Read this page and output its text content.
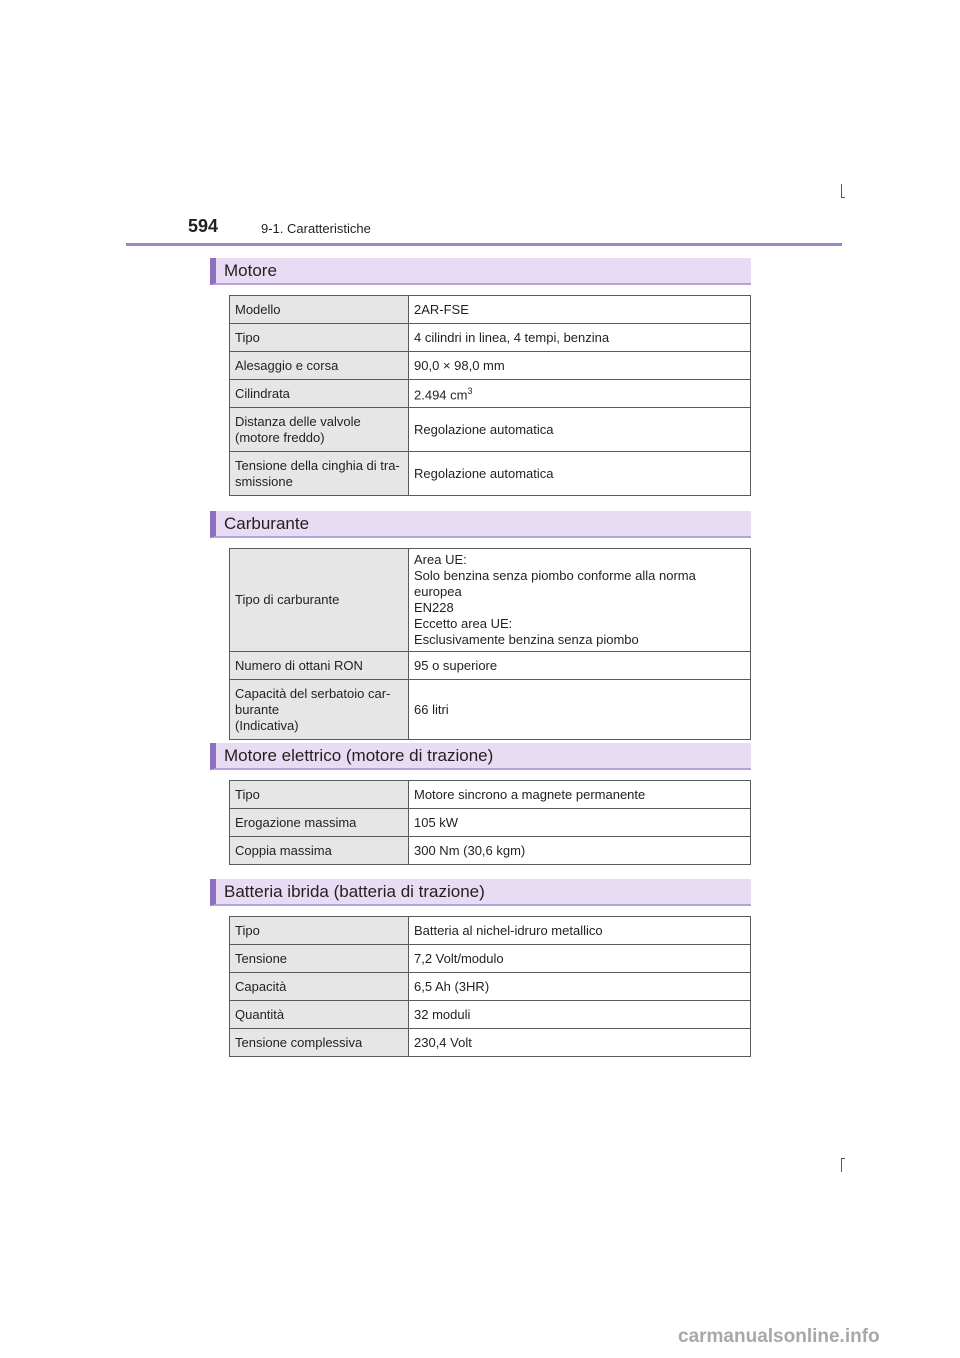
594	9-1. Caratteristiche
Motore
Modello	2AR-FSE
Tipo	4 cilindri in linea, 4 tempi, benzina
Alesaggio e corsa	90,0 × 98,0 mm
Cilindrata	2.494 $cm^3$
Distanza delle valvole
(motore freddo)	Regolazione automatica
Tensione della cinghia di tra-
smissione	Regolazione automatica
Carburante
Tipo di carburante	Area UE:
Solo benzina senza piombo conforme alla norma europea
EN228
Eccetto area UE:
Esclusivamente benzina senza piombo
Numero di ottani RON	95 o superiore
Capacità del serbatoio car-
burante
(Indicativa)	66 litri
Motore elettrico (motore di trazione)
Tipo	Motore sincrono a magnete permanente
Erogazione massima	105 kW
Coppia massima	300 Nm (30,6 kgm)
Batteria ibrida (batteria di trazione)
Tipo	Batteria al nichel-idruro metallico
Tensione	7,2 Volt/modulo
Capacità	6,5 Ah (3HR)
Quantità	32 moduli
Tensione complessiva	230,4 Volt
carmanualsonline.info
